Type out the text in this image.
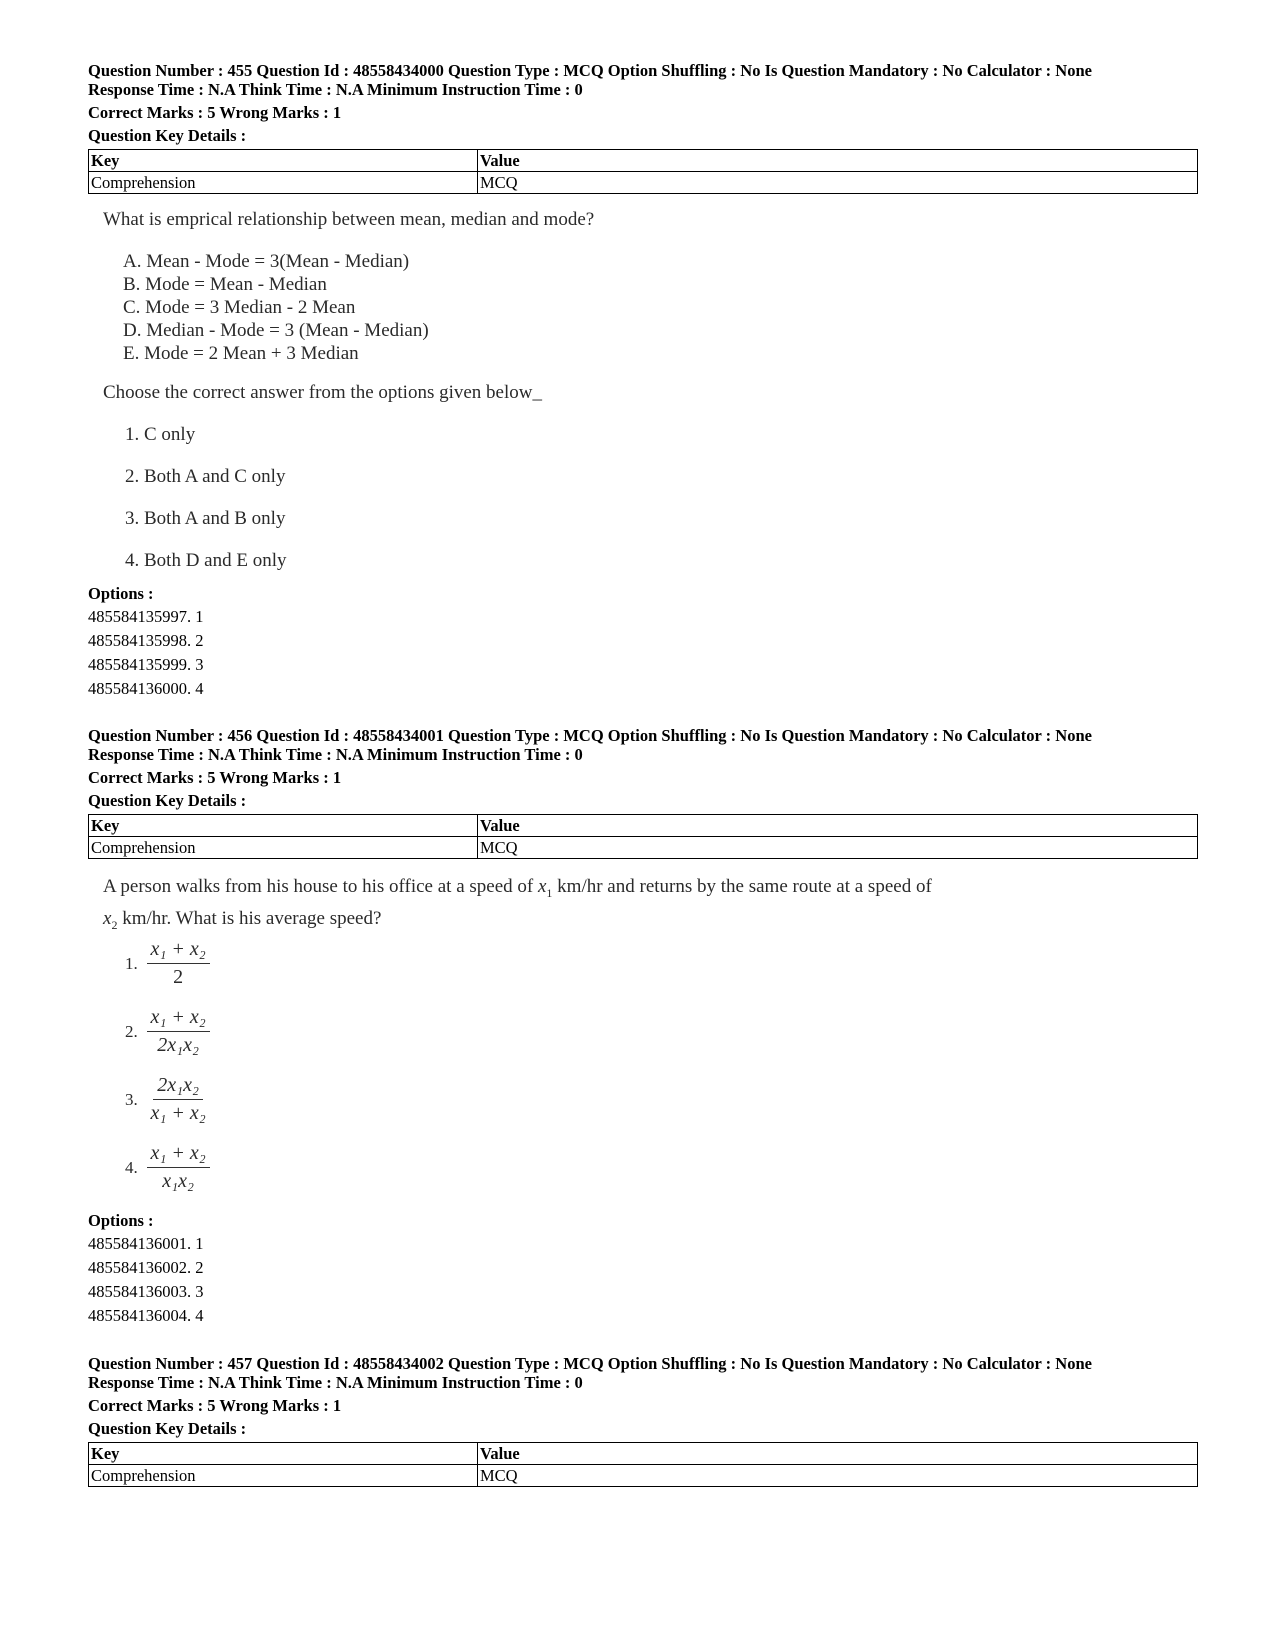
Question Number : 455 Question Id : 48558434000 Question Type : MCQ Option Shuffling : No Is Question Mandatory : No Calculator : None
Response Time : N.A Think Time : N.A Minimum Instruction Time : 0
Correct Marks : 5 Wrong Marks : 1
Question Key Details :
Key	Value
Comprehension	MCQ
What is emprical relationship between mean, median and mode?
A. Mean - Mode = 3(Mean - Median)
B. Mode = Mean - Median
C. Mode = 3 Median - 2 Mean
D. Median - Mode = 3 (Mean - Median)
E. Mode = 2 Mean + 3 Median
Choose the correct answer from the options given below_
1. C only
2. Both A and C only
3. Both A and B only
4. Both D and E only
Options :
485584135997. 1
485584135998. 2
485584135999. 3
485584136000. 4
Question Number : 456 Question Id : 48558434001 Question Type : MCQ Option Shuffling : No Is Question Mandatory : No Calculator : None
Response Time : N.A Think Time : N.A Minimum Instruction Time : 0
Correct Marks : 5 Wrong Marks : 1
Question Key Details :
Key	Value
Comprehension	MCQ
A person walks from his house to his office at a speed of $x_1$ km/hr and returns by the same route at a speed of
$x_2$ km/hr. What is his average speed?
1. $\frac{\text{x₁ + x₂}}{2}$
2. $\frac{\text{x₁ + x₂}}{\text{2x₁x₂}}$
3. $\frac{\text{2x₁x₂}}{\text{x₁ + x₂}}$
4. $\frac{\text{x₁ + x₂}}{\text{x₁x₂}}$
Options :
485584136001. 1
485584136002. 2
485584136003. 3
485584136004. 4
Question Number : 457 Question Id : 48558434002 Question Type : MCQ Option Shuffling : No Is Question Mandatory : No Calculator : None
Response Time : N.A Think Time : N.A Minimum Instruction Time : 0
Correct Marks : 5 Wrong Marks : 1
Question Key Details :
Key	Value
Comprehension	MCQ
